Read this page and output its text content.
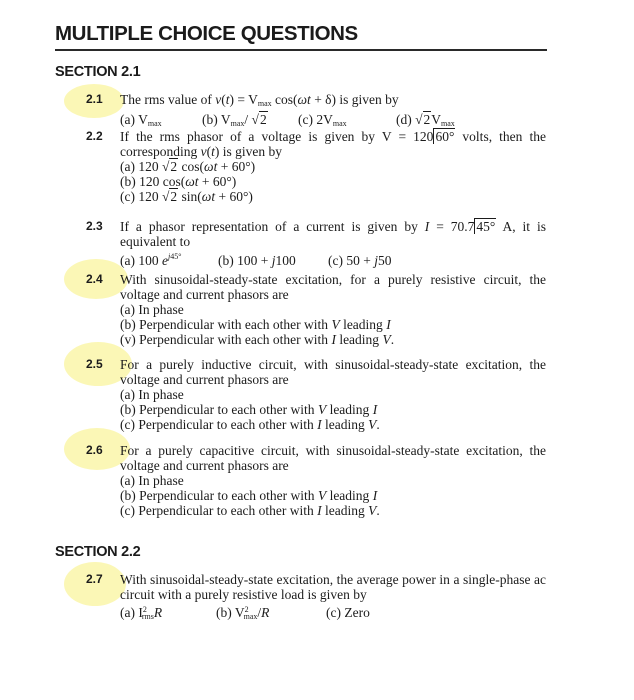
MULTIPLE CHOICE QUESTIONS
SECTION 2.1
2.1	The rms value of $v(t) = V_{max}$ cos(ωt + δ) is given by
(a) $V_{max}$	(b) $V_{max}/$ √2 (c) $2V_{max}$	(d) $√2V_{max}$
2.2	If the rms phasor of a voltage is given by V = 120 60° volts, then the corresponding v(t) is given by
(a) 120 √2 cos(ωt + 60°)
(b) 120 cos(ωt + 60°)
(c) 120 √2 sin(ωt + 60°)
2.3	If a phasor representation of a current is given by I = 70.7 45° A, it is equivalent to
(a) 100 $e^{j45^\circ}$	(b) 100 + j100 (c) 50 + j50
2.4	With sinusoidal-steady-state excitation, for a purely resistive circuit, the voltage and current phasors are
(a) In phase
(b) Perpendicular with each other with V leading I
(v) Perpendicular with each other with I leading V.
2.5	For a purely inductive circuit, with sinusoidal-steady-state excitation, the voltage and current phasors are
(a) In phase
(b) Perpendicular to each other with V leading I
(c) Perpendicular to each other with I leading V.
2.6	For a purely capacitive circuit, with sinusoidal-steady-state excitation, the voltage and current phasors are
(a) In phase
(b) Perpendicular to each other with V leading I
(c) Perpendicular to each other with I leading V.
SECTION 2.2
2.7	With sinusoidal-steady-state excitation, the average power in a single-phase ac circuit with a purely resistive load is given by
(a) $I^2_{rms}R$	(b) $V^2_{max}/R$	(c) Zero
